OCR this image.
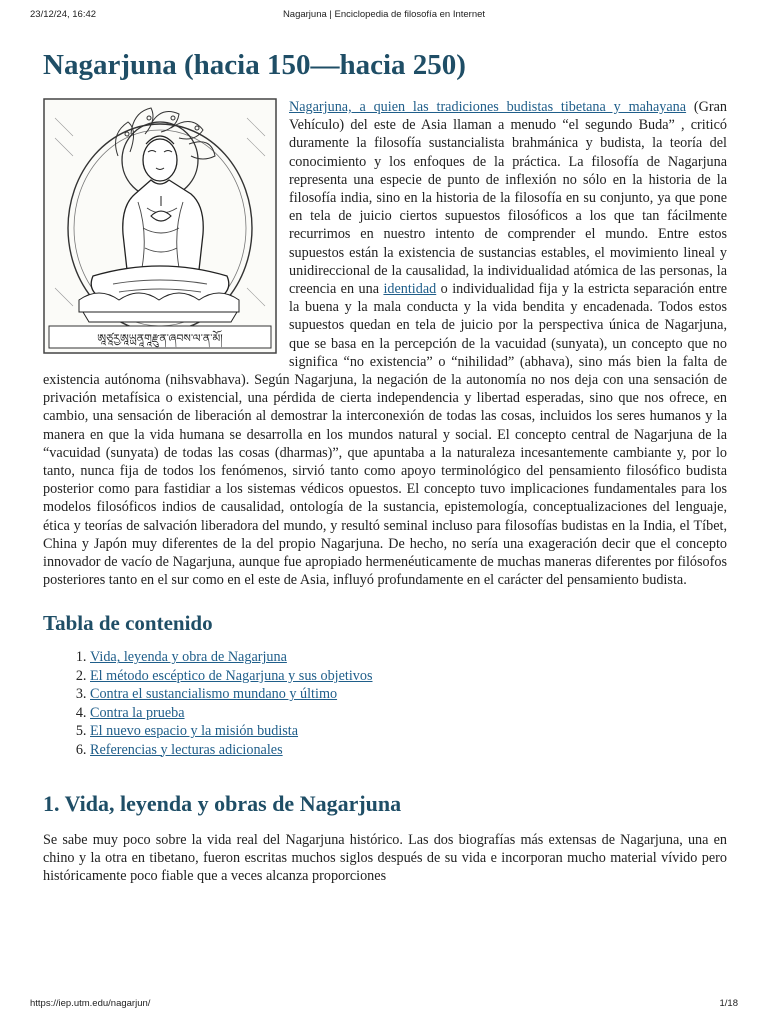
23/12/24, 16:42	Nagarjuna | Enciclopedia de filosofía en Internet
Nagarjuna (hacia 150—hacia 250)
ཨཱཙཱརྱཨཱཡྻནཱགཱརྫུན་ཞབས་ལ་ན་མོ།

Nagarjuna, a quien las tradiciones budistas tibetana y mahayana (Gran Vehículo) del este de Asia llaman a menudo “el segundo Buda” , criticó duramente la filosofía sustancialista brahmánica y budista, la teoría del conocimiento y los enfoques de la práctica. La filosofía de Nagarjuna representa una especie de punto de inflexión no sólo en la historia de la filosofía india, sino en la historia de la filosofía en su conjunto, ya que pone en tela de juicio ciertos supuestos filosóficos a los que tan fácilmente recurrimos en nuestro intento de comprender el mundo. Entre estos supuestos están la existencia de sustancias estables, el movimiento lineal y unidireccional de la causalidad, la individualidad atómica de las personas, la creencia en una identidad o individualidad fija y la estricta separación entre la buena y la mala conducta y la vida bendita y encadenada. Todos estos supuestos quedan en tela de juicio por la perspectiva única de Nagarjuna, que se basa en la percepción de la vacuidad (sunyata), un concepto que no significa “no existencia” o “nihilidad” (abhava), sino más bien la falta de existencia autónoma (nihsvabhava). Según Nagarjuna, la negación de la autonomía no nos deja con una sensación de privación metafísica o existencial, una pérdida de cierta independencia y libertad esperadas, sino que nos ofrece, en cambio, una sensación de liberación al demostrar la interconexión de todas las cosas, incluidos los seres humanos y la manera en que la vida humana se desarrolla en los mundos natural y social. El concepto central de Nagarjuna de la “vacuidad (sunyata) de todas las cosas (dharmas)”, que apuntaba a la naturaleza incesantemente cambiante y, por lo tanto, nunca fija de todos los fenómenos, sirvió tanto como apoyo terminológico del pensamiento filosófico budista posterior como para fastidiar a los sistemas védicos opuestos. El concepto tuvo implicaciones fundamentales para los modelos filosóficos indios de causalidad, ontología de la sustancia, epistemología, conceptualizaciones del lenguaje, ética y teorías de salvación liberadora del mundo, y resultó seminal incluso para filosofías budistas en la India, el Tíbet, China y Japón muy diferentes de la del propio Nagarjuna. De hecho, no sería una exageración decir que el concepto innovador de vacío de Nagarjuna, aunque fue apropiado hermenéuticamente de muchas maneras diferentes por filósofos posteriores tanto en el sur como en el este de Asia, influyó profundamente en el carácter del pensamiento budista.

Tabla de contenido
1. Vida, leyenda y obra de Nagarjuna
2. El método escéptico de Nagarjuna y sus objetivos
3. Contra el sustancialismo mundano y último
4. Contra la prueba
5. El nuevo espacio y la misión budista
6. Referencias y lecturas adicionales
1. Vida, leyenda y obras de Nagarjuna

Se sabe muy poco sobre la vida real del Nagarjuna histórico. Las dos biografías más extensas de Nagarjuna, una en chino y la otra en tibetano, fueron escritas muchos siglos después de su vida e incorporan mucho material vívido pero históricamente poco fiable que a veces alcanza proporciones

https://iep.utm.edu/nagarjun/	1/18
